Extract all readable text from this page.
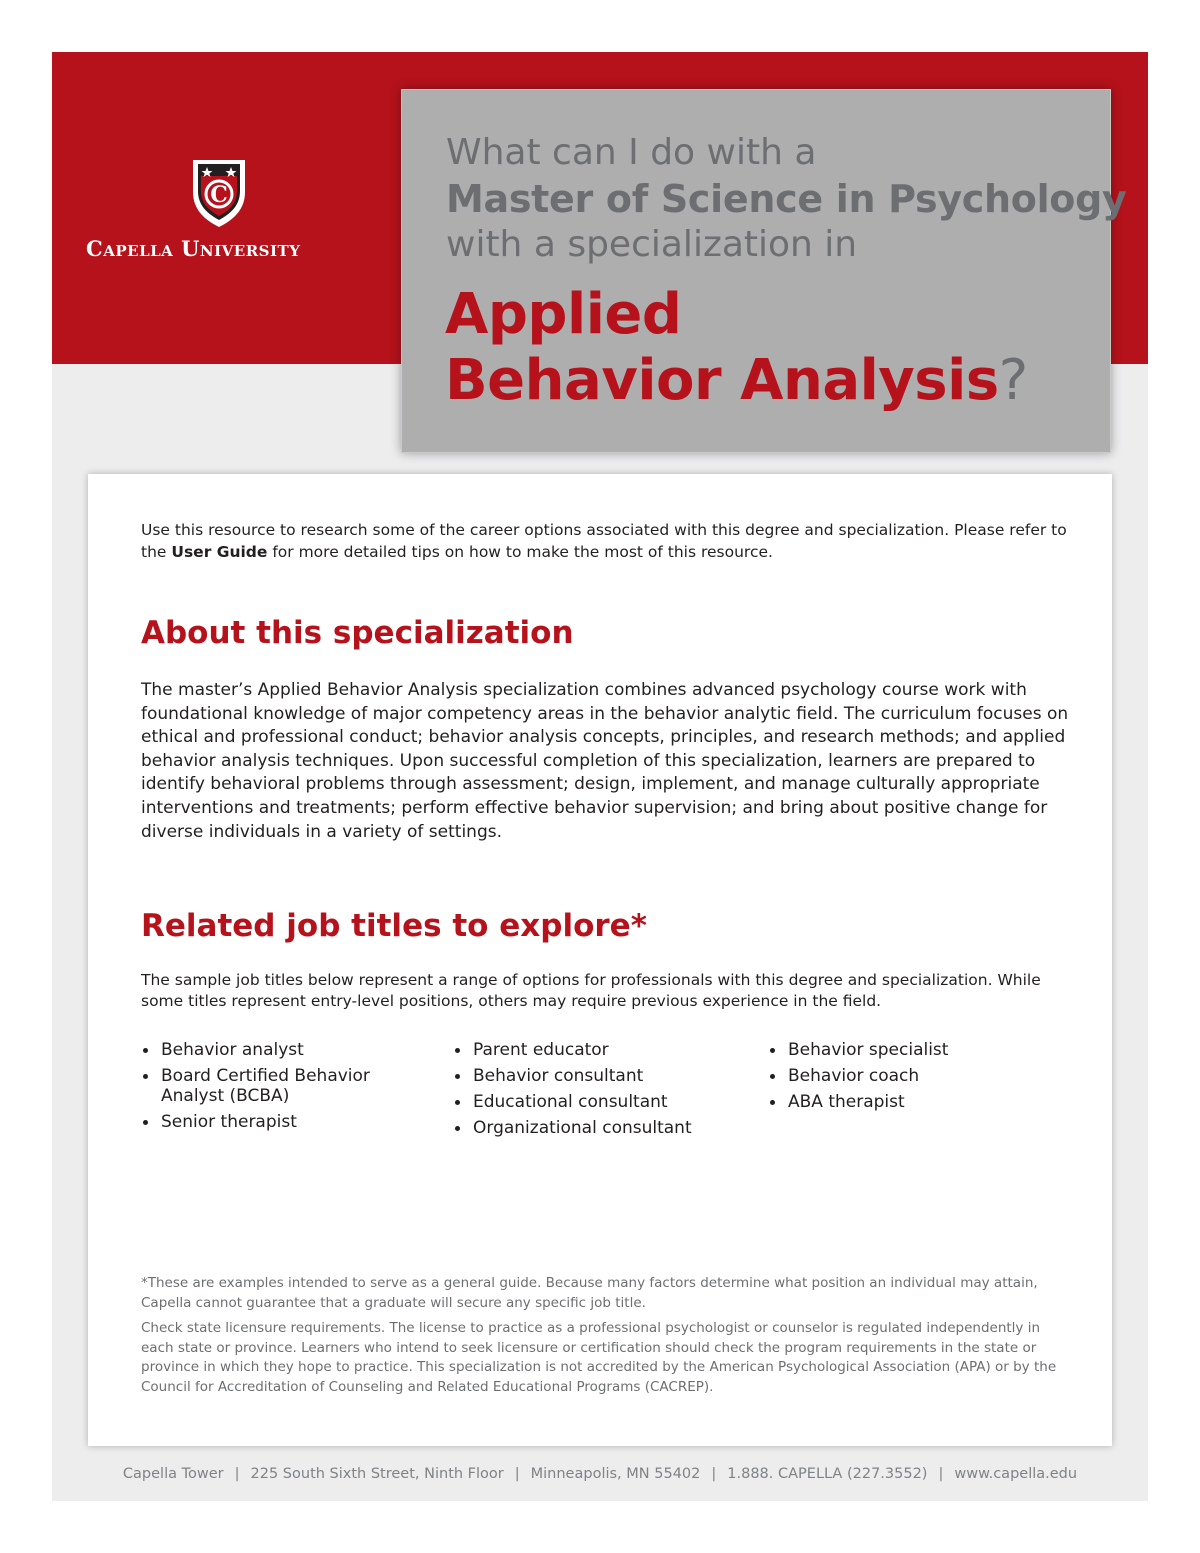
C
Capella University
What can I do with a
Master of Science in Psychology
with a specialization in
Applied
Behavior Analysis?

Use this resource to research some of the career options associated with this degree and specialization. Please refer to the User Guide for more detailed tips on how to make the most of this resource.

About this specialization

The master’s Applied Behavior Analysis specialization combines advanced psychology course work with foundational knowledge of major competency areas in the behavior analytic field. The curriculum focuses on ethical and professional conduct; behavior analysis concepts, principles, and research methods; and applied behavior analysis techniques. Upon successful completion of this specialization, learners are prepared to identify behavioral problems through assessment; design, implement, and manage culturally appropriate interventions and treatments; perform effective behavior supervision; and bring about positive change for diverse individuals in a variety of settings.

Related job titles to explore*

The sample job titles below represent a range of options for professionals with this degree and specialization. While some titles represent entry-level positions, others may require previous experience in the field.

Behavior analyst
Board Certified Behavior Analyst (BCBA)
Senior therapist
Parent educator
Behavior consultant
Educational consultant
Organizational consultant
Behavior specialist
Behavior coach
ABA therapist

*These are examples intended to serve as a general guide. Because many factors determine what position an individual may attain, Capella cannot guarantee that a graduate will secure any specific job title.

Check state licensure requirements. The license to practice as a professional psychologist or counselor is regulated independently in each state or province. Learners who intend to seek licensure or certification should check the program requirements in the state or province in which they hope to practice. This specialization is not accredited by the American Psychological Association (APA) or by the Council for Accreditation of Counseling and Related Educational Programs (CACREP).

Capella Tower | 225 South Sixth Street, Ninth Floor | Minneapolis, MN 55402 | 1.888. CAPELLA (227.3552) | www.capella.edu
